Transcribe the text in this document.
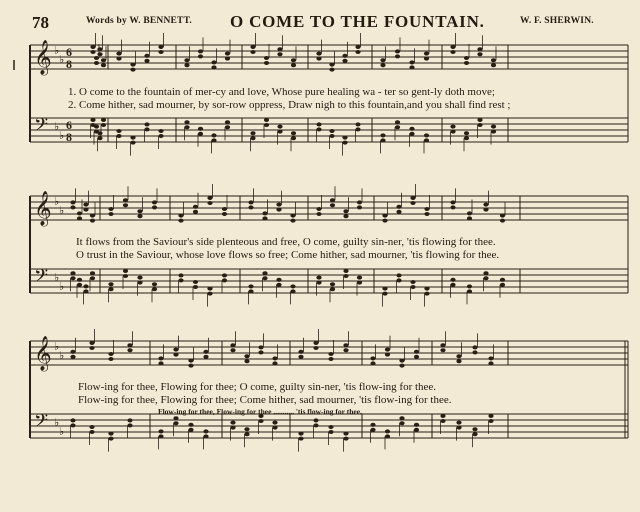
78	Words by W. BENNETT. O COME TO THE FOUNTAIN.	W. F. SHERWIN.
𝄞 ♭
♭
6
8
𝄢 ♭
♭
6
8
𝄞 ♭
♭
𝄢 ♭
♭
𝄞 ♭
♭
𝄢 ♭
♭
1. O come to the fountain of mer-cy and love, Whose pure healing wa - ter so gent-ly doth move;
2. Come hither, sad mourner, by sor-row oppress, Draw nigh to this fountain,and you shall find rest ;
It flows from the Saviour's side plenteous and free, O come, guilty sin-ner, 'tis flowing for thee.
O trust in the Saviour, whose love flows so free; Come hither, sad mourner, 'tis flowing for thee.
Flow-ing for thee, Flowing for thee; O come, guilty sin-ner, 'tis flow-ing for thee.
Flow-ing for thee, Flowing for thee; Come hither, sad mourner, 'tis flow-ing for thee.
Flow-ing for thee, Flow-ing for thee ........... 'tis flow-ing for thee.
